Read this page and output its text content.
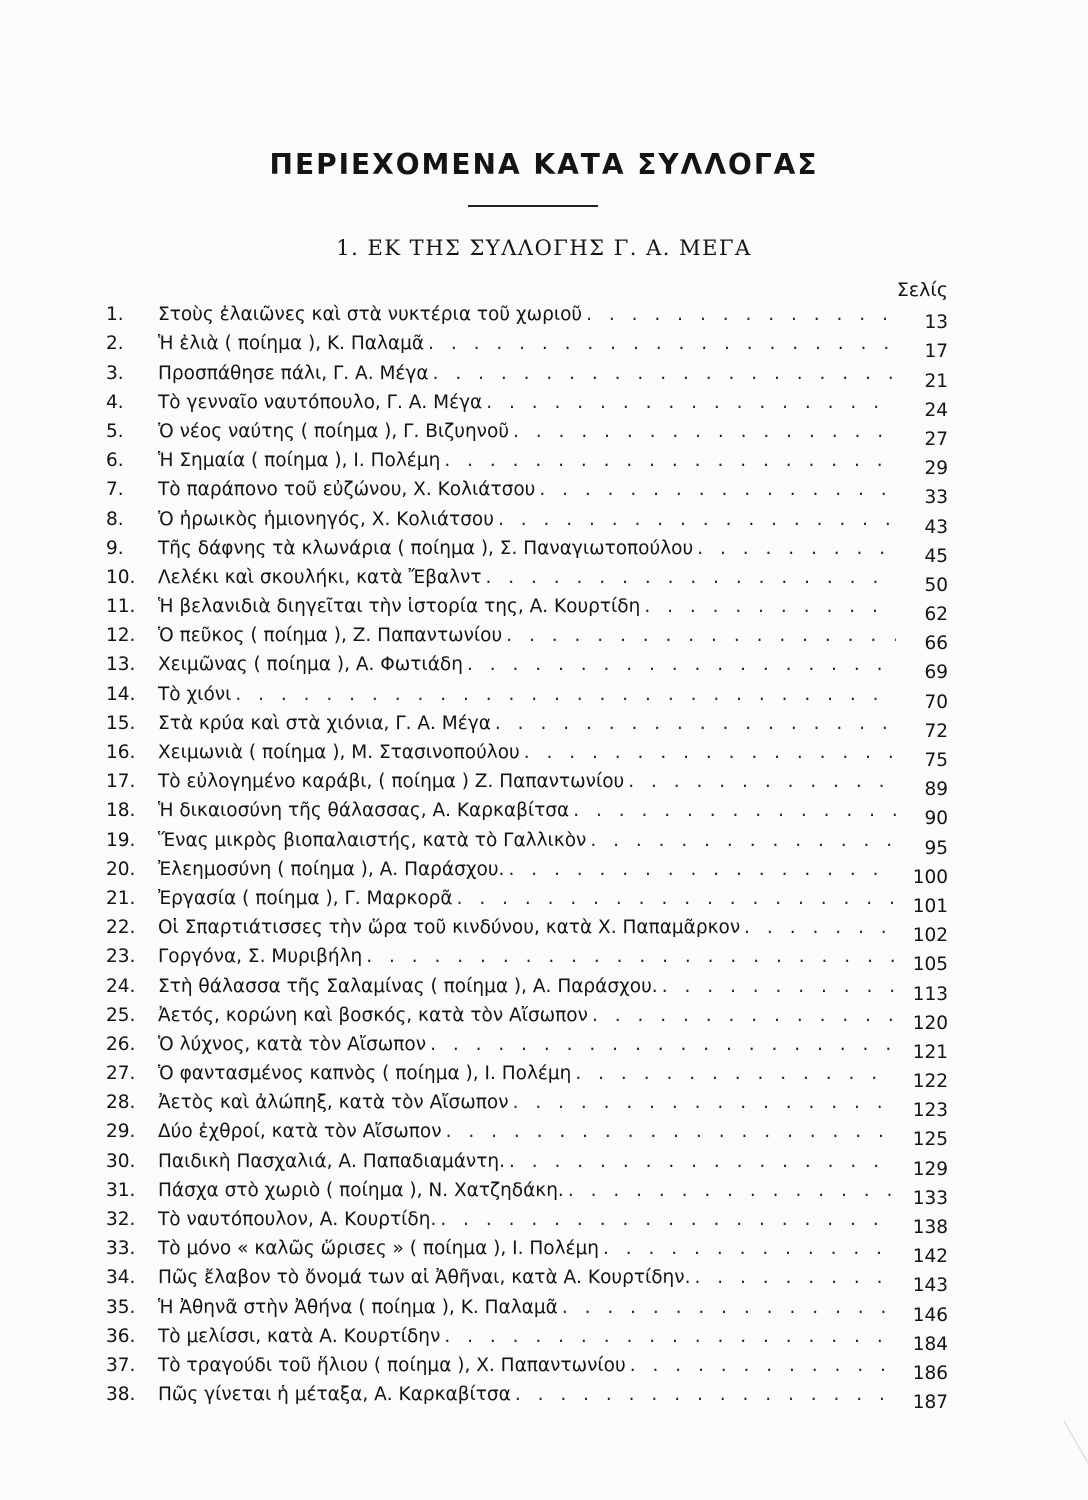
ΠΕΡΙΕΧΟΜΕΝΑ ΚΑΤΑ ΣΥΛΛΟΓΑΣ
1. ΕΚ ΤΗΣ ΣΥΛΛΟΓΗΣ Γ. Α. ΜΕΓΑ
Σελίς
1.	Στοὺς ἐλαιῶνες καὶ στὰ νυκτέρια τοῦ χωριοῦ . . .	13
2.	Ἡ ἐλιὰ ( ποίημα ), Κ. Παλαμᾶ . . .	17
3.	Προσπάθησε πάλι, Γ. Α. Μέγα . . .	21
4.	Τὸ γενναῖο ναυτόπουλο, Γ. Α. Μέγα . . .	24
5.	Ὁ νέος ναύτης ( ποίημα ), Γ. Βιζυηνοῦ . . .	27
6.	Ἡ Σημαία ( ποίημα ), Ι. Πολέμη . . .	29
7.	Τὸ παράπονο τοῦ εὐζώνου, Χ. Κολιάτσου . . .	33
8.	Ὁ ἡρωικὸς ἡμιονηγός, Χ. Κολιάτσου . . .	43
9.	Τῆς δάφνης τὰ κλωνάρια ( ποίημα ), Σ. Παναγιωτοπούλου . . .	45
10.	Λελέκι καὶ σκουλήκι, κατὰ Ἔβαλντ . . .	50
11.	Ἡ βελανιδιὰ διηγεῖται τὴν ἱστορία της, Α. Κουρτίδη . . .	62
12.	Ὁ πεῦκος ( ποίημα ), Ζ. Παπαντωνίου . . .	66
13.	Χειμῶνας ( ποίημα ), Α. Φωτιάδη . . .	69
14.	Τὸ χιόνι . . .	70
15.	Στὰ κρύα καὶ στὰ χιόνια, Γ. Α. Μέγα . . .	72
16.	Χειμωνιὰ ( ποίημα ), Μ. Στασινοπούλου . . .	75
17.	Τὸ εὐλογημένο καράβι, ( ποίημα ) Ζ. Παπαντωνίου . . .	89
18.	Ἡ δικαιοσύνη τῆς θάλασσας, Α. Καρκαβίτσα . . .	90
19.	Ἕνας μικρὸς βιοπαλαιστής, κατὰ τὸ Γαλλικὸν . . .	95
20.	Ἐλεημοσύνη ( ποίημα ), Α. Παράσχου. . . .	100
21.	Ἐργασία ( ποίημα ), Γ. Μαρκορᾶ . . .	101
22.	Οἱ Σπαρτιάτισσες τὴν ὥρα τοῦ κινδύνου, κατὰ Χ. Παπαμᾶρκον . . .	102
23.	Γοργόνα, Σ. Μυριβήλη . . .	105
24.	Στὴ θάλασσα τῆς Σαλαμίνας ( ποίημα ), Α. Παράσχου. . . .	113
25.	Ἀετός, κορώνη καὶ βοσκός, κατὰ τὸν Αἴσωπον . . .	120
26.	Ὁ λύχνος, κατὰ τὸν Αἴσωπον . . .	121
27.	Ὁ φαντασμένος καπνὸς ( ποίημα ), Ι. Πολέμη . . .	122
28.	Ἀετὸς καὶ ἀλώπηξ, κατὰ τὸν Αἴσωπον . . .	123
29.	Δύο ἐχθροί, κατὰ τὸν Αἴσωπον . . .	125
30.	Παιδικὴ Πασχαλιά, Α. Παπαδιαμάντη. . . .	129
31.	Πάσχα στὸ χωριὸ ( ποίημα ), Ν. Χατζηδάκη. . . .	133
32.	Τὸ ναυτόπουλον, Α. Κουρτίδη. . . .	138
33.	Τὸ μόνο « καλῶς ὥρισες » ( ποίημα ), Ι. Πολέμη . . .	142
34.	Πῶς ἔλαβον τὸ ὄνομά των αἱ Ἀθῆναι, κατὰ Α. Κουρτίδην. . . .	143
35.	Ἡ Ἀθηνᾶ στὴν Ἀθήνα ( ποίημα ), Κ. Παλαμᾶ . . .	146
36.	Τὸ μελίσσι, κατὰ Α. Κουρτίδην . . .	184
37.	Τὸ τραγούδι τοῦ ἥλιου ( ποίημα ), Χ. Παπαντωνίου . . .	186
38.	Πῶς γίνεται ἡ μέταξα, Α. Καρκαβίτσα . . .	187
